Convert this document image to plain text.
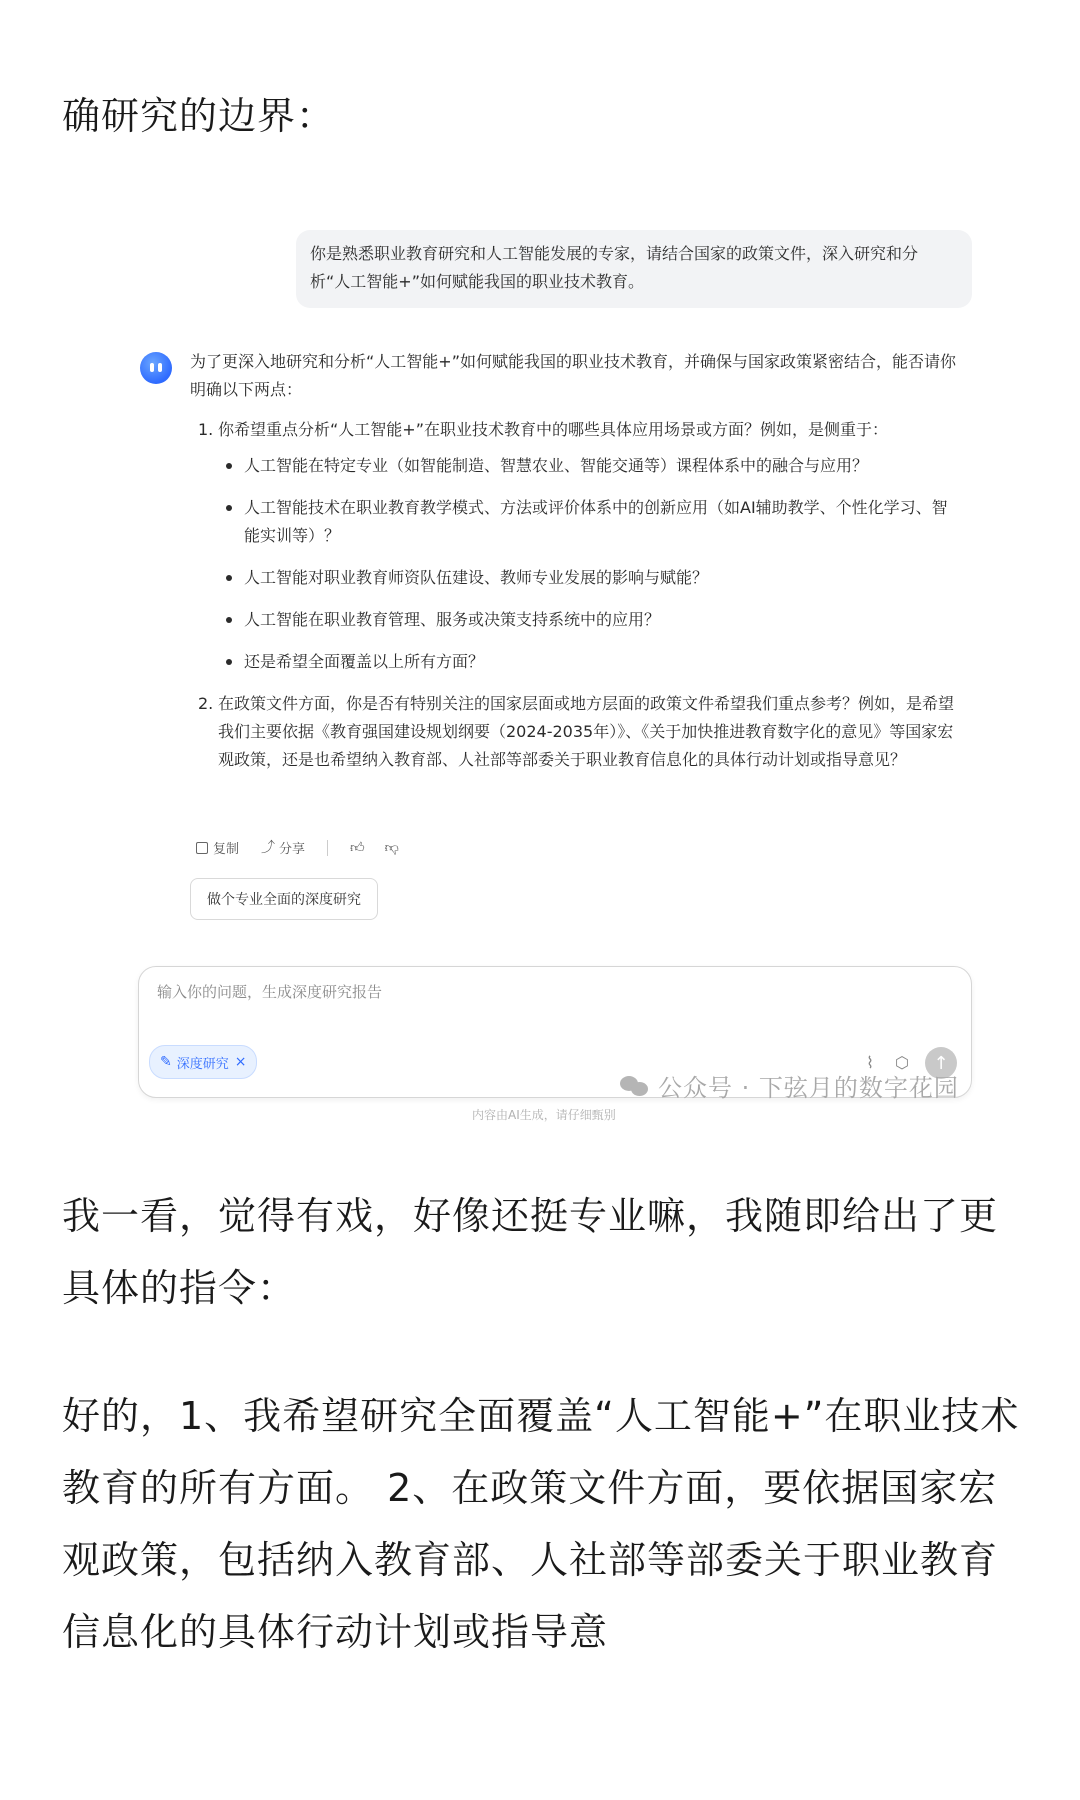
确研究的边界：
你是熟悉职业教育研究和人工智能发展的专家，请结合国家的政策文件，深入研究和分析“人工智能+”如何赋能我国的职业技术教育。
为了更深入地研究和分析“人工智能+”如何赋能我国的职业技术教育，并确保与国家政策紧密结合，能否请你明确以下两点：
1. 你希望重点分析“人工智能+”在职业技术教育中的哪些具体应用场景或方面？例如，是侧重于：
人工智能在特定专业（如智能制造、智慧农业、智能交通等）课程体系中的融合与应用？
人工智能技术在职业教育教学模式、方法或评价体系中的创新应用（如AI辅助教学、个性化学习、智能实训等）？
人工智能对职业教育师资队伍建设、教师专业发展的影响与赋能？
人工智能在职业教育管理、服务或决策支持系统中的应用？
还是希望全面覆盖以上所有方面？
2. 在政策文件方面，你是否有特别关注的国家层面或地方层面的政策文件希望我们重点参考？例如，是希望我们主要依据《教育强国建设规划纲要（2024-2035年）》、《关于加快推进教育数字化的意见》等国家宏观政策，还是也希望纳入教育部、人社部等部委关于职业教育信息化的具体行动计划或指导意见？
复制 ⤴ 分享	👍︎ 👎︎
做个专业全面的深度研究
输入你的问题，生成深度研究报告
✎ 深度研究 ×	⌇	⬡	↑
公众号 · 下弦月的数字花园
内容由AI生成，请仔细甄别
我一看，觉得有戏，好像还挺专业嘛，我随即给出了更具体的指令：
好的，1、我希望研究全面覆盖“人工智能+”在职业技术教育的所有方面。 2、在政策文件方面，要依据国家宏观政策，包括纳入教育部、人社部等部委关于职业教育信息化的具体行动计划或指导意
